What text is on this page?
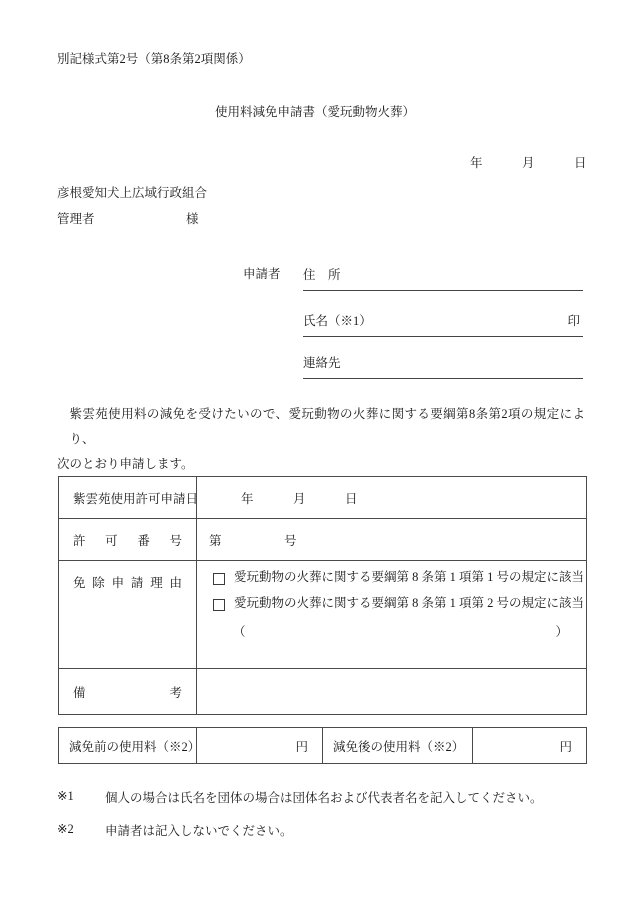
別記様式第2号（第8条第2項関係）
使用料減免申請書（愛玩動物火葬）
年　　　月　　　日
彦根愛知犬上広域行政組合
管理者	様
申請者 住　所
氏名（※1）	印
連絡先
紫雲苑使用料の減免を受けたいので、愛玩動物の火葬に関する要綱第8条第2項の規定により、
次のとおり申請します。
紫雲苑使用許可申請日	年　　　月　　　日
許可番号	第　　　　　号
免除申請理由	愛玩動物の火葬に関する要綱第 8 条第 1 項第 1 号の規定に該当
愛玩動物の火葬に関する要綱第 8 条第 1 項第 2 号の規定に該当
（ ）

備考	
減免前の使用料（※2）	円	減免後の使用料（※2）	円
※1	個人の場合は氏名を団体の場合は団体名および代表者名を記入してください。
※2	申請者は記入しないでください。
